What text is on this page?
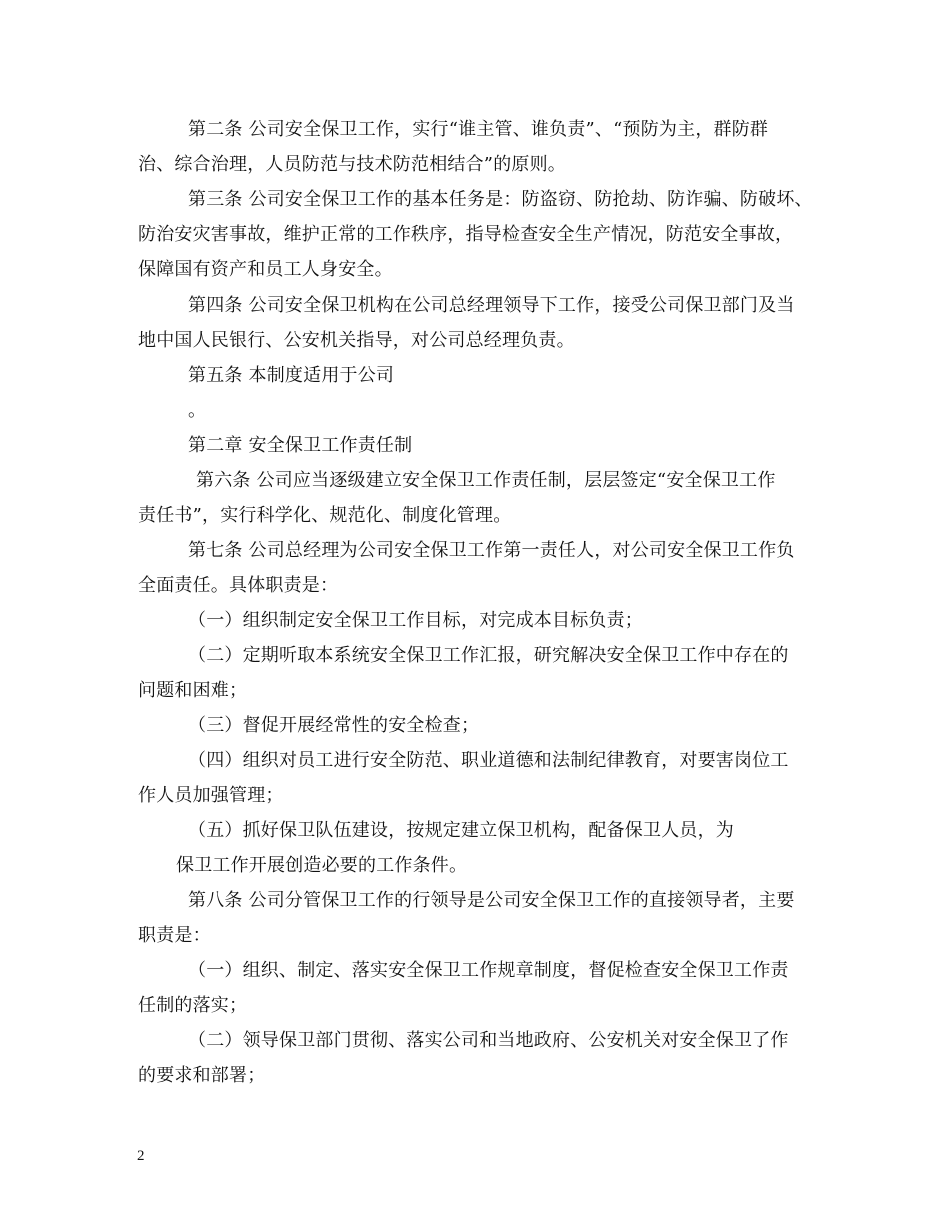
第二条 公司安全保卫工作，实行“谁主管、谁负责”、“预防为主，群防群
治、综合治理，人员防范与技术防范相结合”的原则。
第三条 公司安全保卫工作的基本任务是：防盗窃、防抢劫、防诈骗、防破坏、
防治安灾害事故，维护正常的工作秩序，指导检查安全生产情况，防范安全事故，
保障国有资产和员工人身安全。
第四条 公司安全保卫机构在公司总经理领导下工作，接受公司保卫部门及当
地中国人民银行、公安机关指导，对公司总经理负责。
第五条 本制度适用于公司
。
第二章 安全保卫工作责任制
第六条 公司应当逐级建立安全保卫工作责任制，层层签定“安全保卫工作
责任书”，实行科学化、规范化、制度化管理。
第七条 公司总经理为公司安全保卫工作第一责任人，对公司安全保卫工作负
全面责任。具体职责是：
（一）组织制定安全保卫工作目标，对完成本目标负责；
（二）定期听取本系统安全保卫工作汇报，研究解决安全保卫工作中存在的
问题和困难；
（三）督促开展经常性的安全检查；
（四）组织对员工进行安全防范、职业道德和法制纪律教育，对要害岗位工
作人员加强管理；
（五）抓好保卫队伍建设，按规定建立保卫机构，配备保卫人员，为
保卫工作开展创造必要的工作条件。
第八条 公司分管保卫工作的行领导是公司安全保卫工作的直接领导者，主要
职责是：
（一）组织、制定、落实安全保卫工作规章制度，督促检查安全保卫工作责
任制的落实；
（二）领导保卫部门贯彻、落实公司和当地政府、公安机关对安全保卫了作
的要求和部署；
2
